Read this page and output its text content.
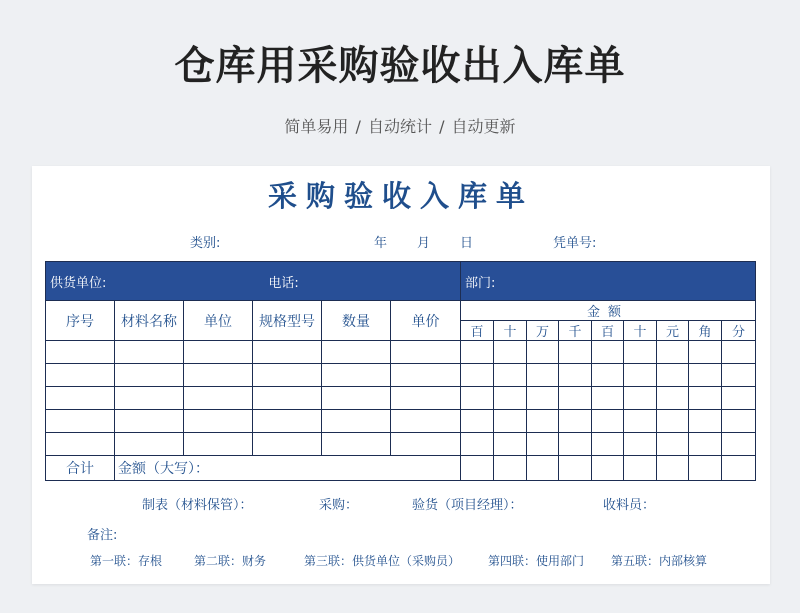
仓库用采购验收出入库单
简单易用 / 自动统计 / 自动更新
采购验收入库单
类别:	年 月 日	凭单号:
供货单位: 电话:						部门:								
序号	材料名称	单位	规格型号	数量	单价	金额								
						百	十	万	千	百	十	元	角	分

合计	金额（大写）：													
制表（材料保管）：	采购：	验货（项目经理）：	收料员：
备注:
第一联：存根	第二联：财务	第三联：供货单位（采购员） 第四联：使用部门 第五联：内部核算
